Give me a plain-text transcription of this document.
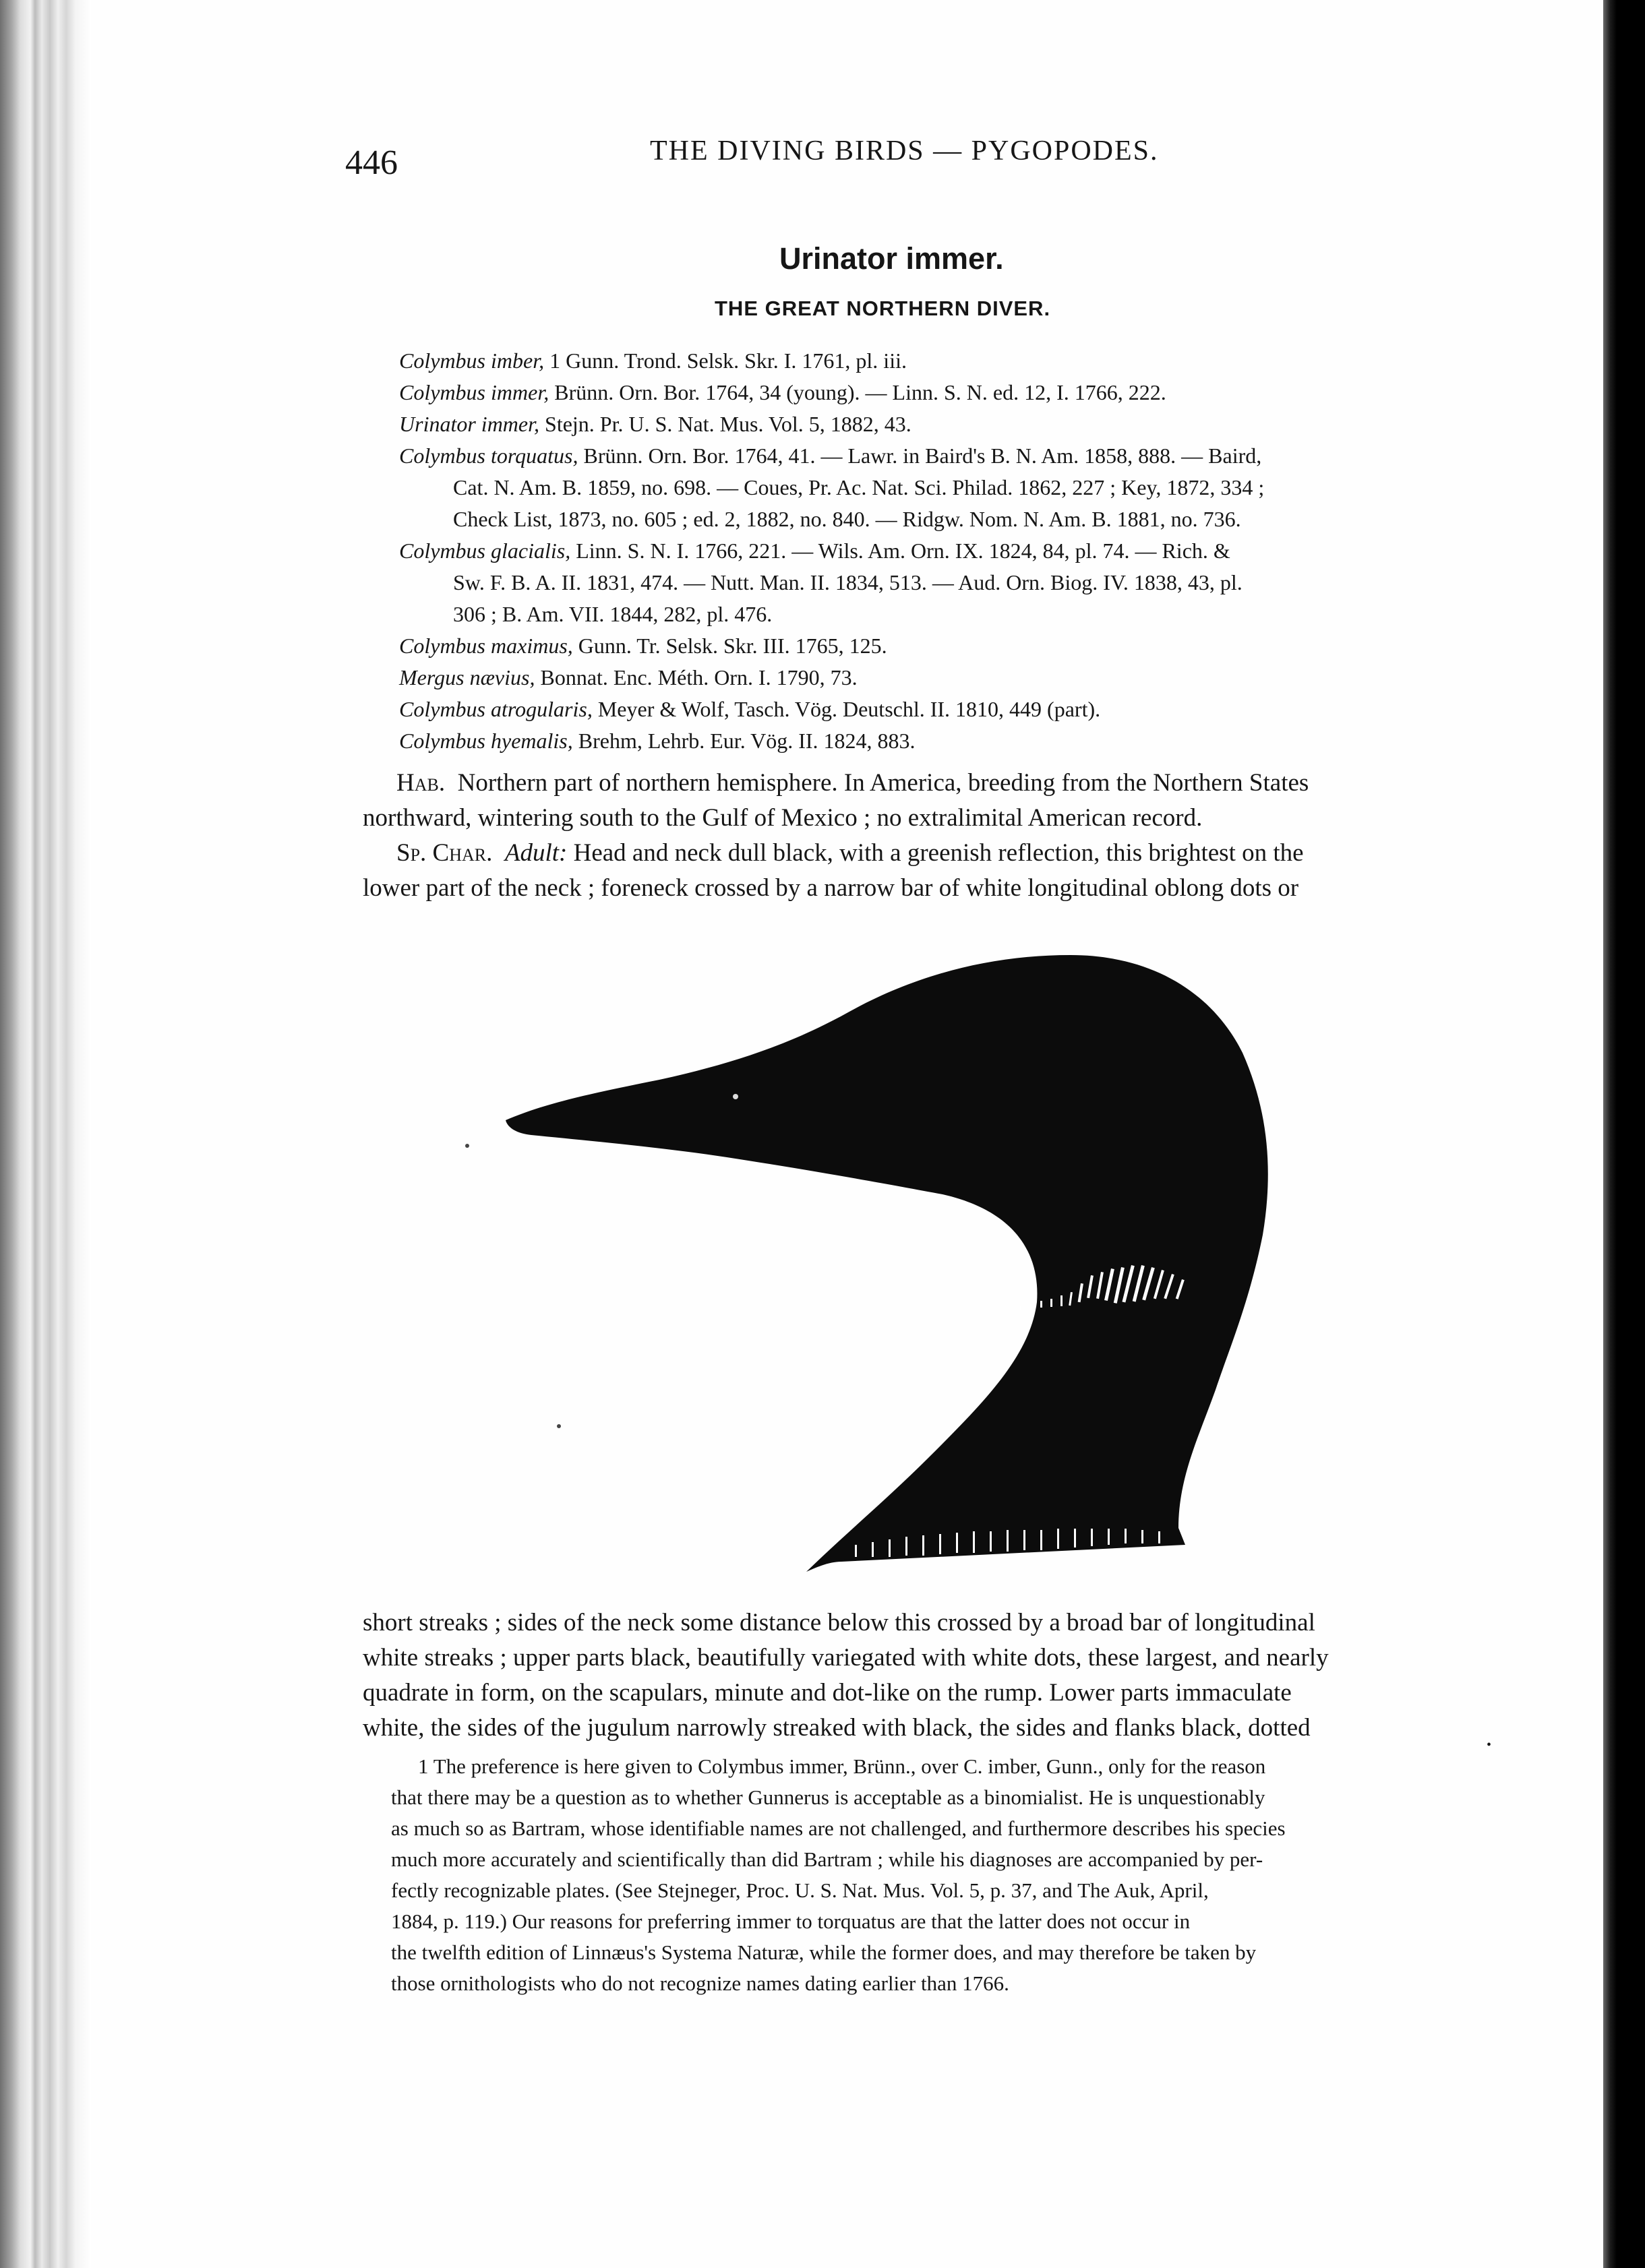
446	THE DIVING BIRDS — PYGOPODES.
Urinator immer.
THE GREAT NORTHERN DIVER.
Colymbus imber, 1 Gunn. Trond. Selsk. Skr. I. 1761, pl. iii.
Colymbus immer, Brünn. Orn. Bor. 1764, 34 (young). — Linn. S. N. ed. 12, I. 1766, 222.
Urinator immer, Stejn. Pr. U. S. Nat. Mus. Vol. 5, 1882, 43.
Colymbus torquatus, Brünn. Orn. Bor. 1764, 41. — Lawr. in Baird's B. N. Am. 1858, 888. — Baird,
Cat. N. Am. B. 1859, no. 698. — Coues, Pr. Ac. Nat. Sci. Philad. 1862, 227 ; Key, 1872, 334 ;
Check List, 1873, no. 605 ; ed. 2, 1882, no. 840. — Ridgw. Nom. N. Am. B. 1881, no. 736.
Colymbus glacialis, Linn. S. N. I. 1766, 221. — Wils. Am. Orn. IX. 1824, 84, pl. 74. — Rich. &
Sw. F. B. A. II. 1831, 474. — Nutt. Man. II. 1834, 513. — Aud. Orn. Biog. IV. 1838, 43, pl.
306 ; B. Am. VII. 1844, 282, pl. 476.
Colymbus maximus, Gunn. Tr. Selsk. Skr. III. 1765, 125.
Mergus nævius, Bonnat. Enc. Méth. Orn. I. 1790, 73.
Colymbus atrogularis, Meyer & Wolf, Tasch. Vög. Deutschl. II. 1810, 449 (part).
Colymbus hyemalis, Brehm, Lehrb. Eur. Vög. II. 1824, 883.
Hab. Northern part of northern hemisphere. In America, breeding from the Northern States
northward, wintering south to the Gulf of Mexico ; no extralimital American record.
Sp. Char. Adult: Head and neck dull black, with a greenish reflection, this brightest on the
lower part of the neck ; foreneck crossed by a narrow bar of white longitudinal oblong dots or
short streaks ; sides of the neck some distance below this crossed by a broad bar of longitudinal
white streaks ; upper parts black, beautifully variegated with white dots, these largest, and nearly
quadrate in form, on the scapulars, minute and dot-like on the rump. Lower parts immaculate
white, the sides of the jugulum narrowly streaked with black, the sides and flanks black, dotted
•
1 The preference is here given to Colymbus immer, Brünn., over C. imber, Gunn., only for the reason
that there may be a question as to whether Gunnerus is acceptable as a binomialist. He is unquestionably
as much so as Bartram, whose identifiable names are not challenged, and furthermore describes his species
much more accurately and scientifically than did Bartram ; while his diagnoses are accompanied by per-
fectly recognizable plates. (See Stejneger, Proc. U. S. Nat. Mus. Vol. 5, p. 37, and The Auk, April,
1884, p. 119.) Our reasons for preferring immer to torquatus are that the latter does not occur in
the twelfth edition of Linnæus's Systema Naturæ, while the former does, and may therefore be taken by
those ornithologists who do not recognize names dating earlier than 1766.
